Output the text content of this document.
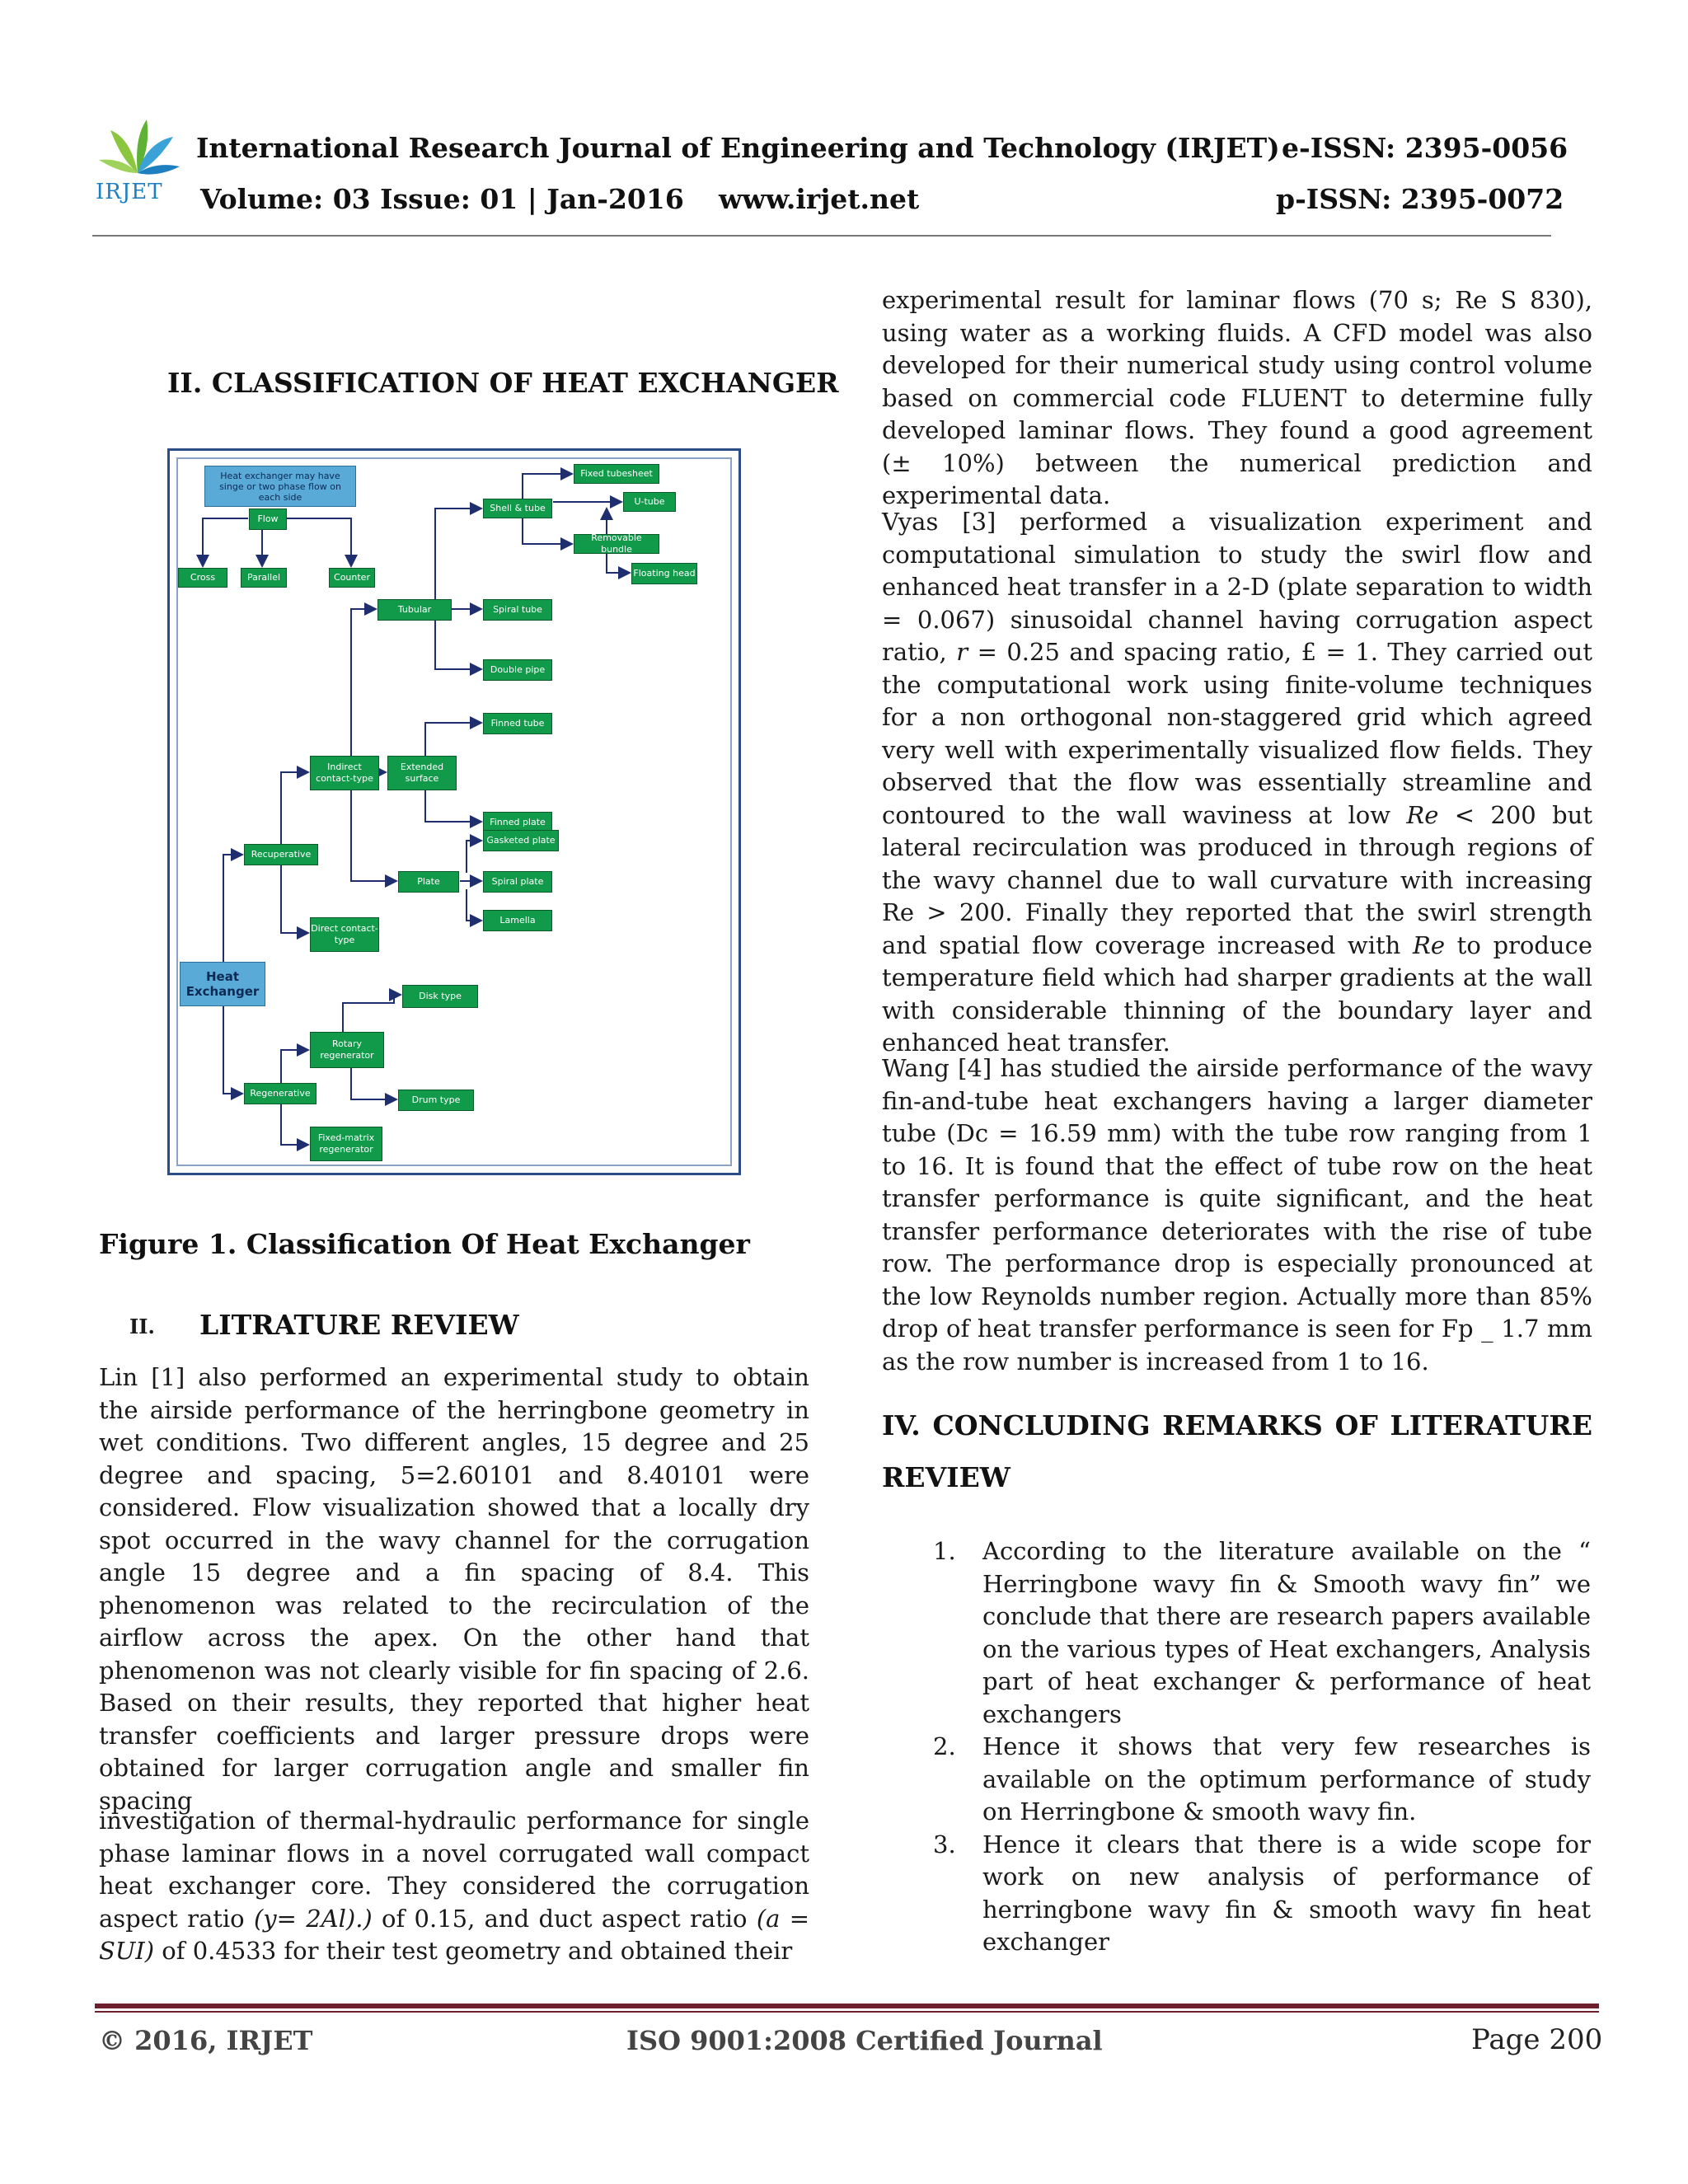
IRJET
International Research Journal of Engineering and Technology (IRJET) e-ISSN: 2395-0056
Volume: 03 Issue: 01 | Jan-2016 www.irjet.net	p-ISSN: 2395-0072
II. CLASSIFICATION OF HEAT EXCHANGER
Heat exchanger may have singe or two phase flow on each side
Flow
Cross	Parallel	Counter
Fixed tubesheet
Shell & tube
U-tube
Removable bundle
Floating head
Tubular	Spiral tube
Double pipe
Finned tube
Indirect contact-type
Extended surface
Finned plate
Gasketed plate
Recuperative
Plate	Spiral plate
Lamella
Direct contact-type
Heat Exchanger	Disk type
Rotary regenerator
Regenerative
Drum type
Fixed-matrix regenerator
Figure 1. Classification Of Heat Exchanger
II. LITRATURE REVIEW

Lin [1] also performed an experimental study to obtain the airside performance of the herringbone geometry in wet conditions. Two different angles, 15 degree and 25 degree and spacing, 5=2.60101 and 8.40101 were considered. Flow visualization showed that a locally dry spot occurred in the wavy channel for the corrugation angle 15 degree and a fin spacing of 8.4. This phenomenon was related to the recirculation of the airflow across the apex. On the other hand that phenomenon was not clearly visible for fin spacing of 2.6. Based on their results, they reported that higher heat transfer coefficients and larger pressure drops were obtained for larger corrugation angle and smaller fin spacing

investigation of thermal-hydraulic performance for single phase laminar flows in a novel corrugated wall compact heat exchanger core. They considered the corrugation aspect ratio (y= 2Al).) of 0.15, and duct aspect ratio (a = SUI) of 0.4533 for their test geometry and obtained their

experimental result for laminar flows (70 s; Re S 830), using water as a working fluids. A CFD model was also developed for their numerical study using control volume based on commercial code FLUENT to determine fully developed laminar flows. They found a good agreement (± 10%) between the numerical prediction and experimental data.

Vyas [3] performed a visualization experiment and computational simulation to study the swirl flow and enhanced heat transfer in a 2-D (plate separation to width = 0.067) sinusoidal channel having corrugation aspect ratio, r = 0.25 and spacing ratio, £ = 1. They carried out the computational work using finite-volume techniques for a non orthogonal non-staggered grid which agreed very well with experimentally visualized flow fields. They observed that the flow was essentially streamline and contoured to the wall waviness at low Re < 200 but lateral recirculation was produced in through regions of the wavy channel due to wall curvature with increasing Re > 200. Finally they reported that the swirl strength and spatial flow coverage increased with Re to produce temperature field which had sharper gradients at the wall with considerable thinning of the boundary layer and enhanced heat transfer.

Wang [4] has studied the airside performance of the wavy fin-and-tube heat exchangers having a larger diameter tube (Dc = 16.59 mm) with the tube row ranging from 1 to 16. It is found that the effect of tube row on the heat transfer performance is quite significant, and the heat transfer performance deteriorates with the rise of tube row. The performance drop is especially pronounced at the low Reynolds number region. Actually more than 85% drop of heat transfer performance is seen for Fp _ 1.7 mm as the row number is increased from 1 to 16.

IV. CONCLUDING REMARKS OF LITERATURE
REVIEW
1. According to the literature available on the “ Herringbone wavy fin & Smooth wavy fin” we conclude that there are research papers available on the various types of Heat exchangers, Analysis part of heat exchanger & performance of heat exchangers
2. Hence it shows that very few researches is available on the optimum performance of study on Herringbone & smooth wavy fin.
3. Hence it clears that there is a wide scope for work on new analysis of performance of herringbone wavy fin & smooth wavy fin heat exchanger
© 2016, IRJET	ISO 9001:2008 Certified Journal	Page 200
